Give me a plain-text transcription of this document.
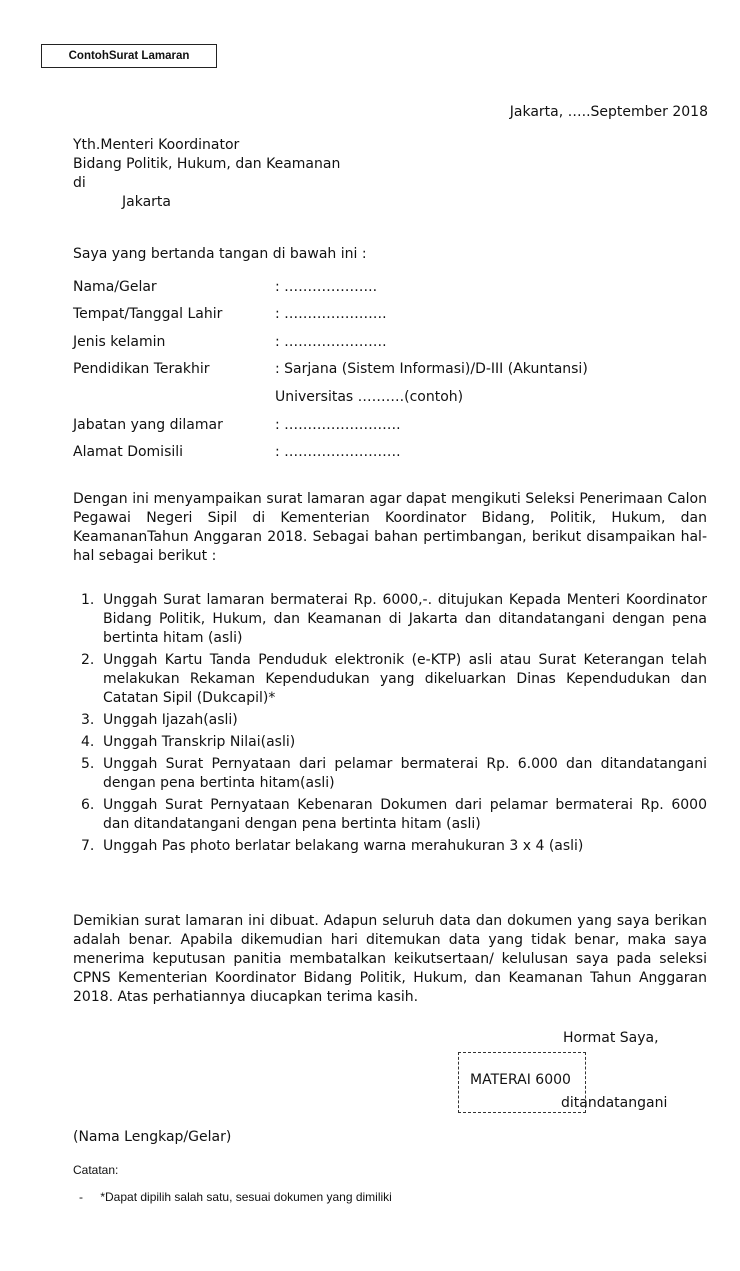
ContohSurat Lamaran
Jakarta, …..September 2018
Yth.Menteri Koordinator
Bidang Politik, Hukum, dan Keamanan
di
Jakarta
Saya yang bertanda tangan di bawah ini :
Nama/Gelar	: ………………..
Tempat/Tanggal Lahir	: ………………….
Jenis kelamin	: ………………….
Pendidikan Terakhir	: Sarjana (Sistem Informasi)/D-III (Akuntansi)
Universitas ……….(contoh)
Jabatan yang dilamar	: …………………….
Alamat Domisili	: …………………….
Dengan ini menyampaikan surat lamaran agar dapat mengikuti Seleksi Penerimaan Calon Pegawai Negeri Sipil di Kementerian Koordinator Bidang, Politik, Hukum, dan KeamananTahun Anggaran 2018. Sebagai bahan pertimbangan, berikut disampaikan hal-hal sebagai berikut :
1. Unggah Surat lamaran bermaterai Rp. 6000,-. ditujukan Kepada Menteri Koordinator Bidang Politik, Hukum, dan Keamanan di Jakarta dan ditandatangani dengan pena bertinta hitam (asli)
2. Unggah Kartu Tanda Penduduk elektronik (e-KTP) asli atau Surat Keterangan telah melakukan Rekaman Kependudukan yang dikeluarkan Dinas Kependudukan dan Catatan Sipil (Dukcapil)*
3. Unggah Ijazah(asli)
4. Unggah Transkrip Nilai(asli)
5. Unggah Surat Pernyataan dari pelamar bermaterai Rp. 6.000 dan ditandatangani dengan pena bertinta hitam(asli)
6. Unggah Surat Pernyataan Kebenaran Dokumen dari pelamar bermaterai Rp. 6000 dan ditandatangani dengan pena bertinta hitam (asli)
7. Unggah Pas photo berlatar belakang warna merahukuran 3 x 4 (asli)
Demikian surat lamaran ini dibuat. Adapun seluruh data dan dokumen yang saya berikan adalah benar. Apabila dikemudian hari ditemukan data yang tidak benar, maka saya menerima keputusan panitia membatalkan keikutsertaan/ kelulusan saya pada seleksi CPNS Kementerian Koordinator Bidang Politik, Hukum, dan Keamanan Tahun Anggaran 2018. Atas perhatiannya diucapkan terima kasih.
Hormat Saya,
MATERAI 6000
ditandatangani
(Nama Lengkap/Gelar)
Catatan:
- *Dapat dipilih salah satu, sesuai dokumen yang dimiliki
